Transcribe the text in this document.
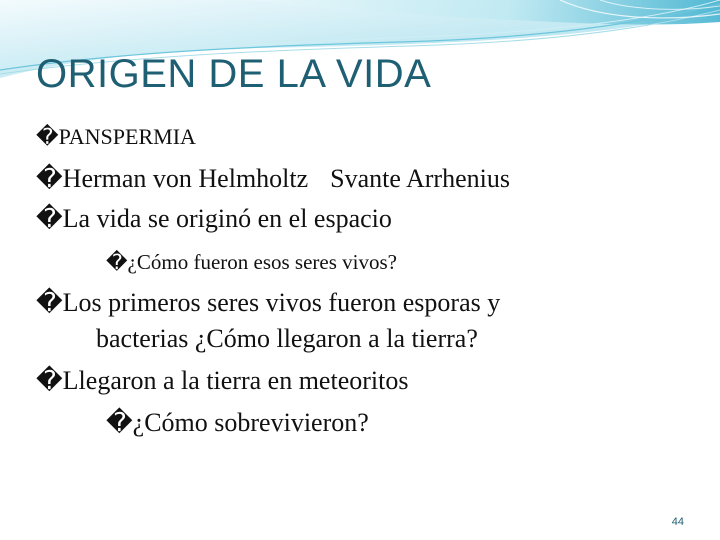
ORIGEN DE LA VIDA
�PANSPERMIA
�Herman von Helmholtz Svante Arrhenius
�La vida se originó en el espacio
�¿Cómo fueron esos seres vivos?
�Los primeros seres vivos fueron esporas y
bacterias ¿Cómo llegaron a la tierra?
�Llegaron a la tierra en meteoritos
�¿Cómo sobrevivieron?
44
